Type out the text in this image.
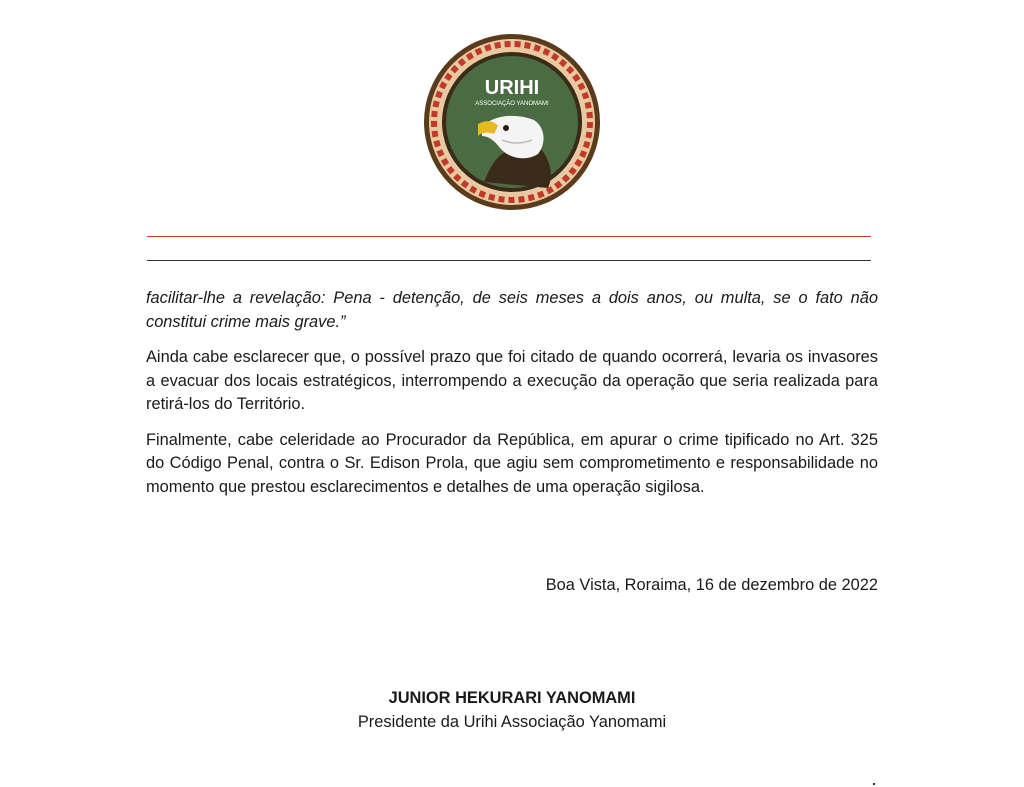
URIHI
ASSOCIAÇÃO YANOMAMI

facilitar-lhe a revelação: Pena - detenção, de seis meses a dois anos, ou multa, se o fato não constitui crime mais grave.”

Ainda cabe esclarecer que, o possível prazo que foi citado de quando ocorrerá, levaria os invasores a evacuar dos locais estratégicos, interrompendo a execução da operação que seria realizada para retirá-los do Território.

Finalmente, cabe celeridade ao Procurador da República, em apurar o crime tipificado no Art. 325 do Código Penal, contra o Sr. Edison Prola, que agiu sem comprometimento e responsabilidade no momento que prestou esclarecimentos e detalhes de uma operação sigilosa.

Boa Vista, Roraima, 16 de dezembro de 2022
JUNIOR HEKURARI YANOMAMI
Presidente da Urihi Associação Yanomami
